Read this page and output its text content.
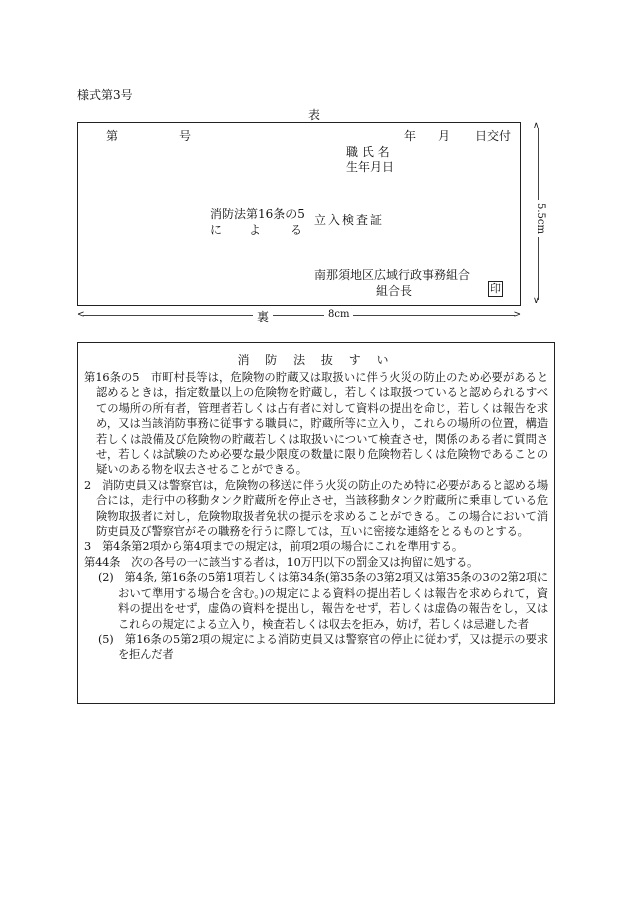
様式第3号
表
第	号	年 月 日交付
職 氏 名
生年月日
消防法第16条の5
に よ る
立入検査証
南那須地区広域行政事務組合
組合長	印
∧
∨
5.5cm
<	>
裏	8cm
消 防 法 抜 す い

第16条の5　市町村長等は，危険物の貯蔵又は取扱いに伴う火災の防止のため必要があると認めるときは，指定数量以上の危険物を貯蔵し，若しくは取扱つていると認められるすべての場所の所有者，管理者若しくは占有者に対して資料の提出を命じ，若しくは報告を求め，又は当該消防事務に従事する職員に，貯蔵所等に立入り，これらの場所の位置，構造若しくは設備及び危険物の貯蔵若しくは取扱いについて検査させ，関係のある者に質問させ，若しくは試験のため必要な最少限度の数量に限り危険物若しくは危険物であることの疑いのある物を収去させることができる。

2　消防吏員又は警察官は，危険物の移送に伴う火災の防止のため特に必要があると認める場合には，走行中の移動タンク貯蔵所を停止させ，当該移動タンク貯蔵所に乗車している危険物取扱者に対し，危険物取扱者免状の提示を求めることができる。この場合において消防吏員及び警察官がその職務を行うに際しては，互いに密接な連絡をとるものとする。

3　第4条第2項から第4項までの規定は，前項2項の場合にこれを準用する。

第44条　次の各号の一に該当する者は，10万円以下の罰金又は拘留に処する。

(2)　第4条, 第16条の5第1項若しくは第34条(第35条の3第2項又は第35条の3の2第2項において準用する場合を含む。)の規定による資料の提出若しくは報告を求められて，資料の提出をせず，虚偽の資料を提出し，報告をせず，若しくは虚偽の報告をし，又はこれらの規定による立入り，検査若しくは収去を拒み，妨げ，若しくは忌避した者

(5)　第16条の5第2項の規定による消防吏員又は警察官の停止に従わず，又は提示の要求を拒んだ者
